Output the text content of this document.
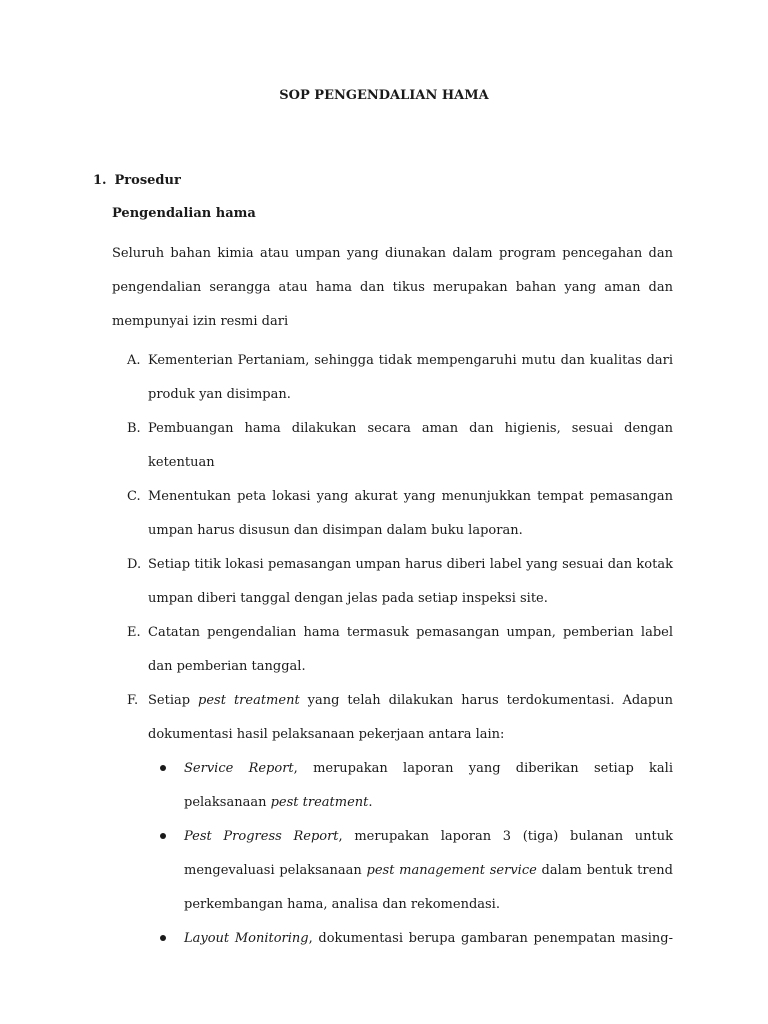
SOP PENGENDALIAN HAMA

1. Prosedur

Pengendalian hama

Seluruh bahan kimia atau umpan yang diunakan dalam program pencegahan dan pengendalian serangga atau hama dan tikus merupakan bahan yang aman dan mempunyai izin resmi dari

A. Kementerian Pertaniam, sehingga tidak mempengaruhi mutu dan kualitas dari produk yan disimpan.
B. Pembuangan hama dilakukan secara aman dan higienis, sesuai dengan ketentuan
C. Menentukan peta lokasi yang akurat yang menunjukkan tempat pemasangan umpan harus disusun dan disimpan dalam buku laporan.
D. Setiap titik lokasi pemasangan umpan harus diberi label yang sesuai dan kotak umpan diberi tanggal dengan jelas pada setiap inspeksi site.
E. Catatan pengendalian hama termasuk pemasangan umpan, pemberian label dan pemberian tanggal.
F. Setiap pest treatment yang telah dilakukan harus terdokumentasi. Adapun dokumentasi hasil pelaksanaan pekerjaan antara lain:
Service Report, merupakan laporan yang diberikan setiap kali pelaksanaan pest treatment.
Pest Progress Report, merupakan laporan 3 (tiga) bulanan untuk mengevaluasi pelaksanaan pest management service dalam bentuk trend perkembangan hama, analisa dan rekomendasi.
Layout Monitoring, dokumentasi berupa gambaran penempatan masing-
